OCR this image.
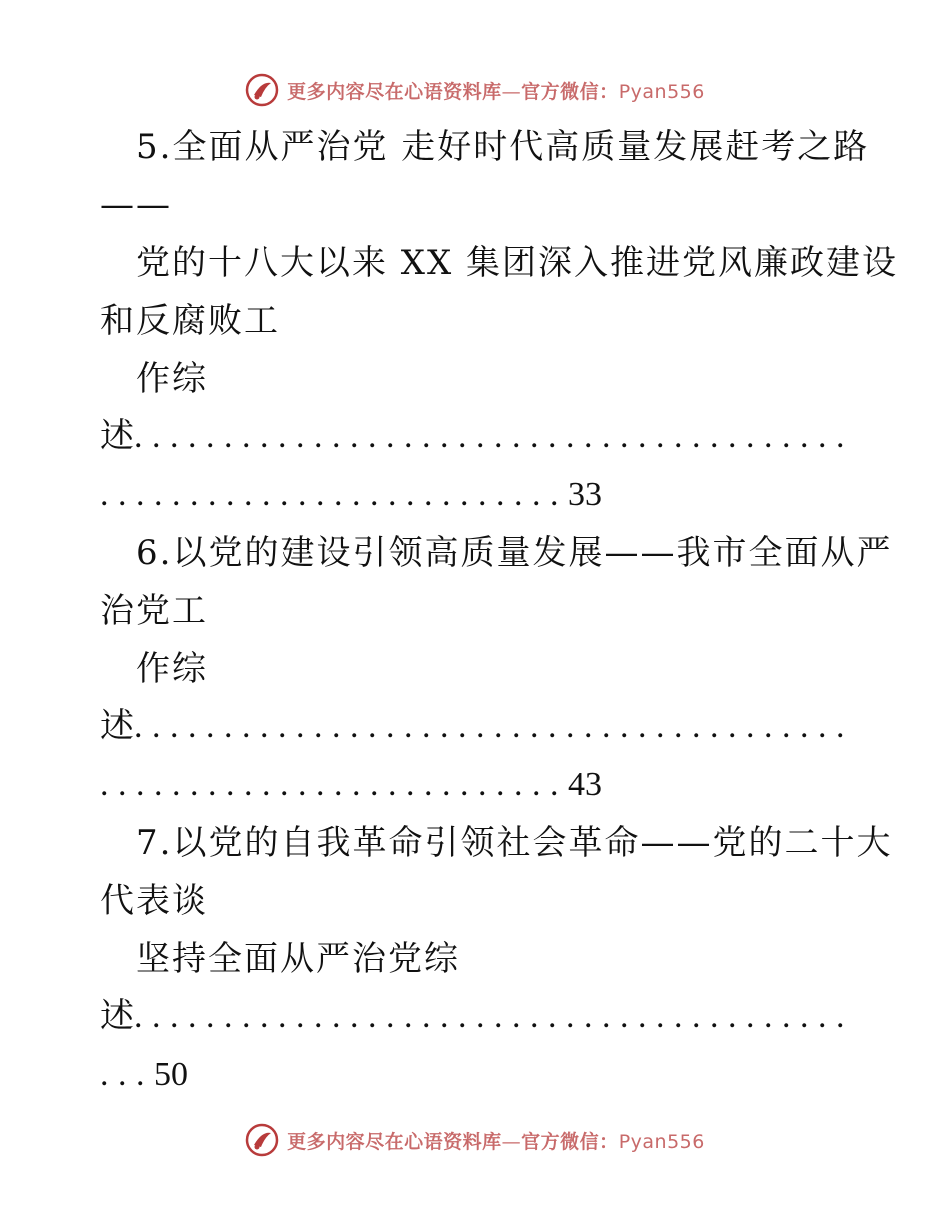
更多内容尽在心语资料库—官方微信：Pyan556
5.全面从严治党 走好时代高质量发展赶考之路
——
党的十八大以来 XX 集团深入推进党风廉政建设
和反腐败工
作综
述........................................
..........................33
6.以党的建设引领高质量发展——我市全面从严
治党工
作综
述........................................
..........................43
7.以党的自我革命引领社会革命——党的二十大
代表谈
坚持全面从严治党综
述........................................
...50
更多内容尽在心语资料库—官方微信：Pyan556
